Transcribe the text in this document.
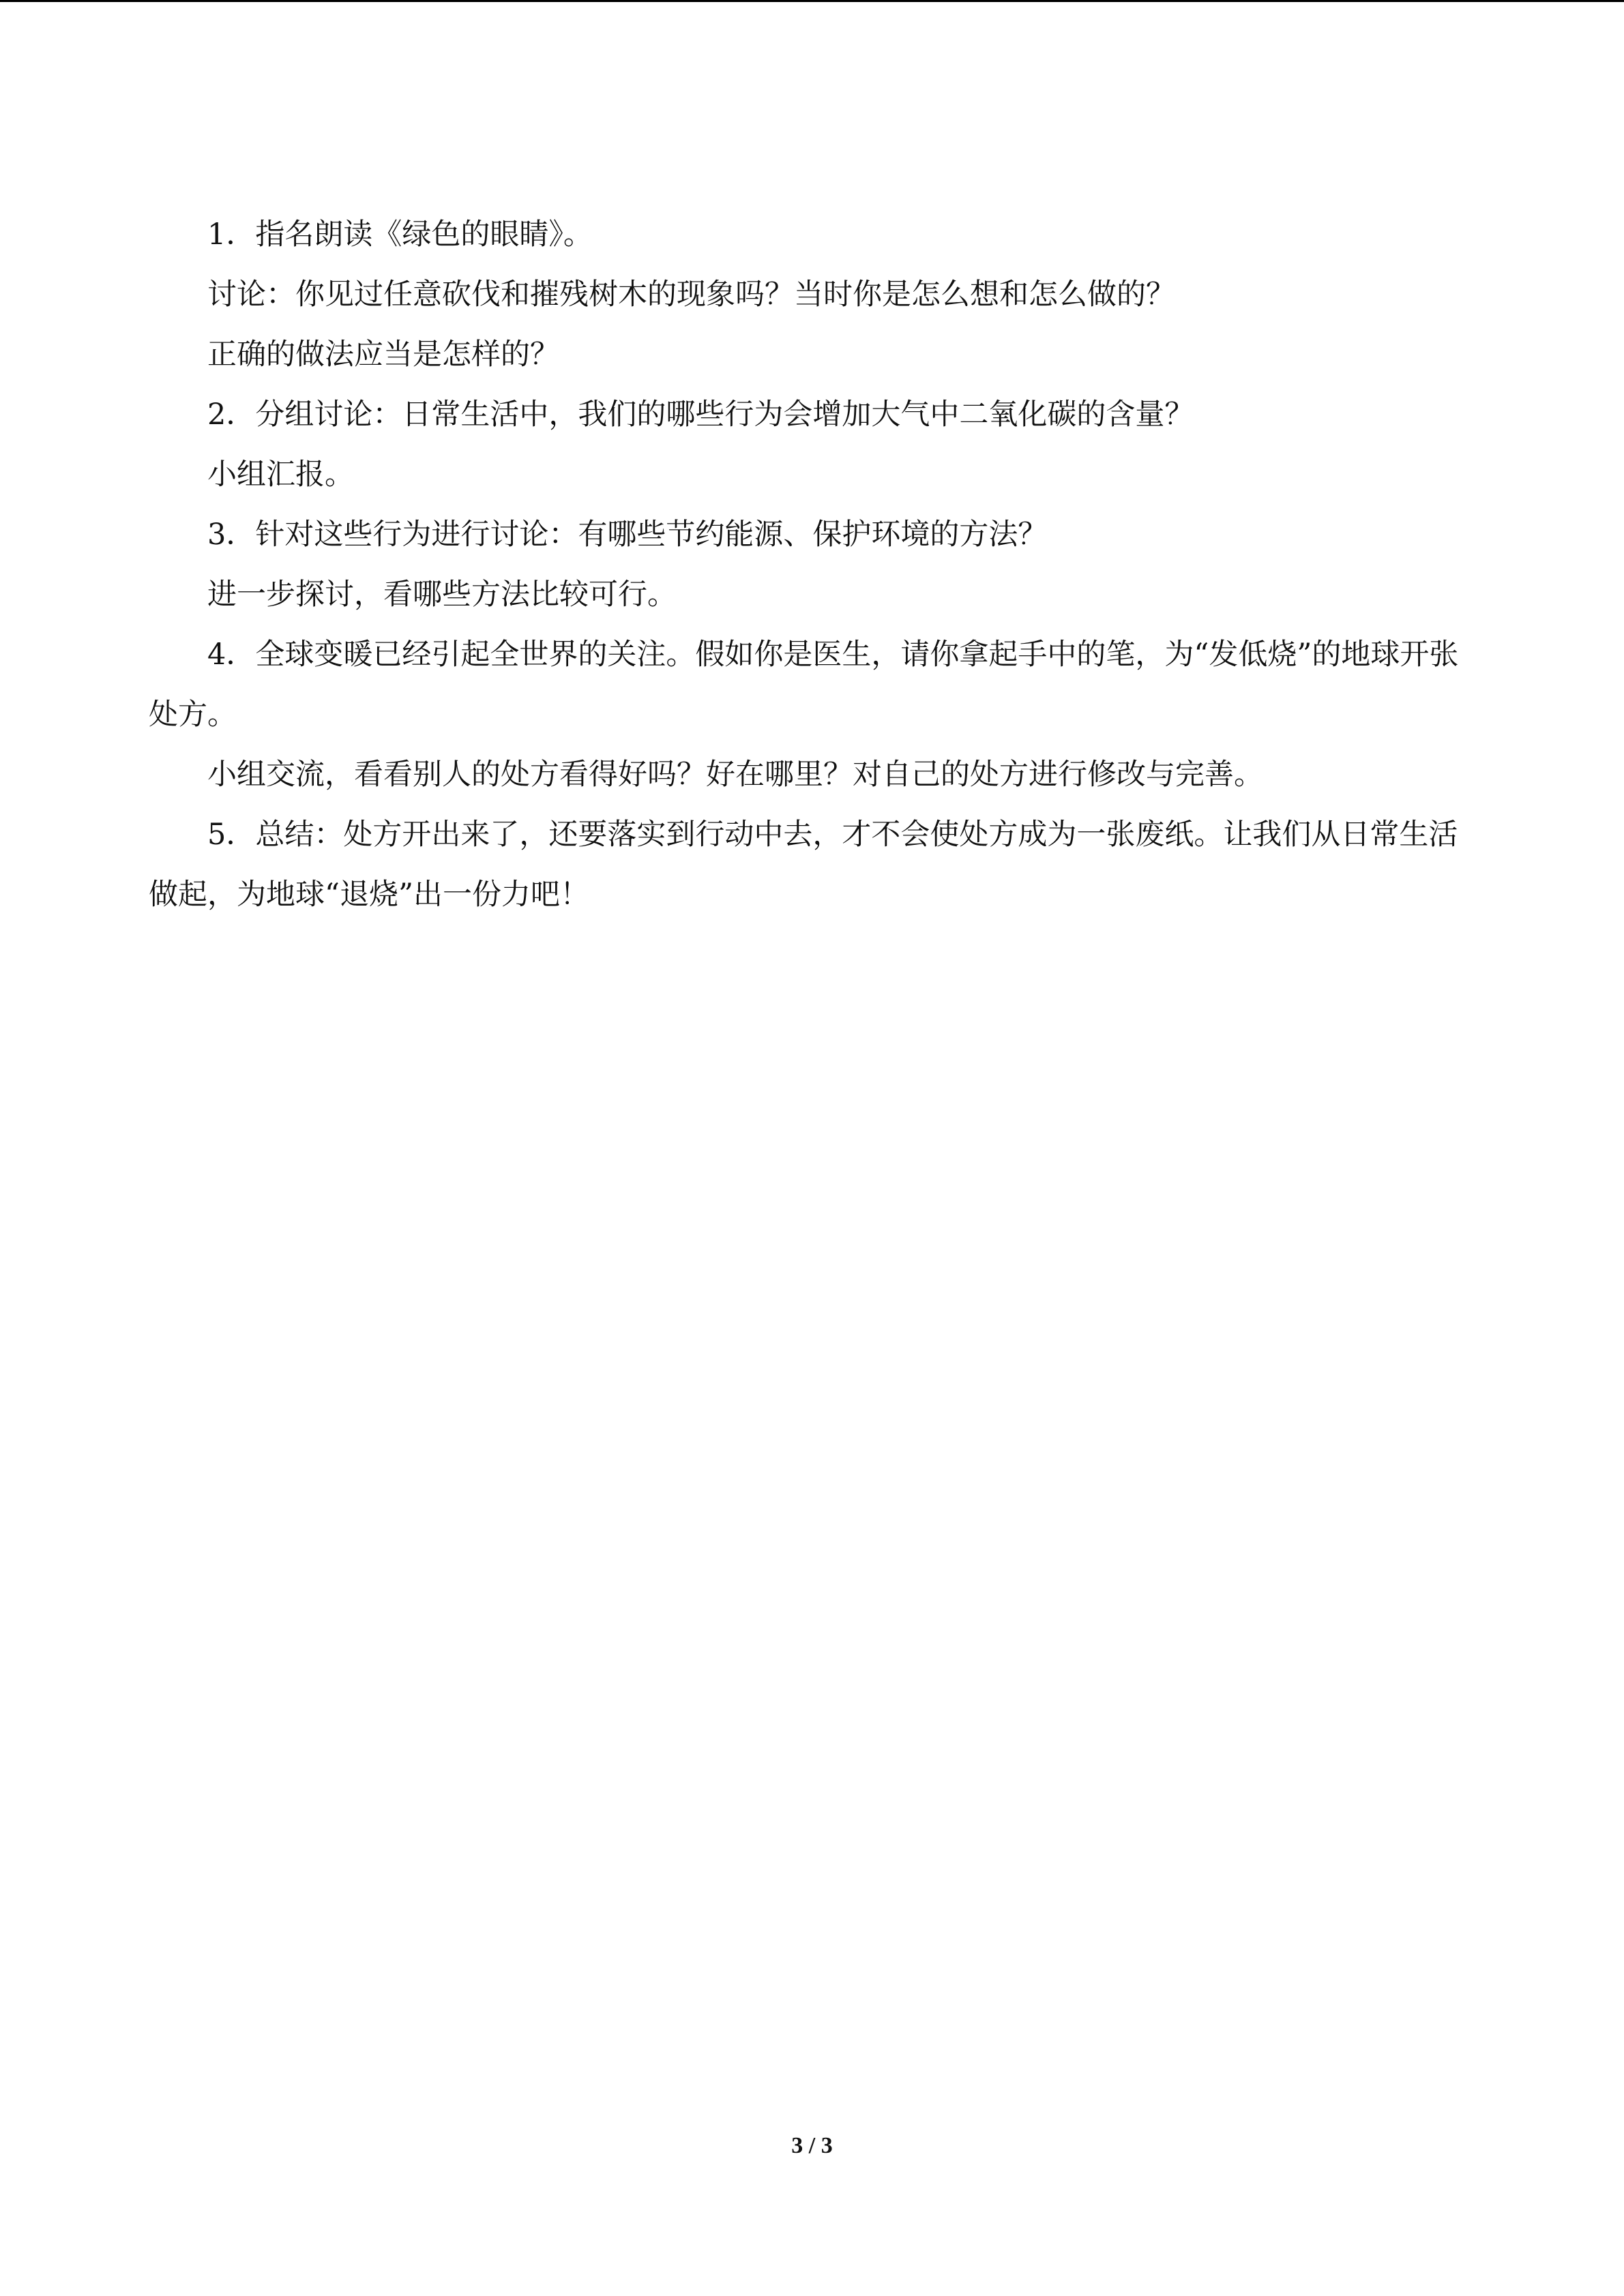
1．指名朗读《绿色的眼睛》。

讨论：你见过任意砍伐和摧残树木的现象吗？当时你是怎么想和怎么做的？

正确的做法应当是怎样的？

2．分组讨论：日常生活中，我们的哪些行为会增加大气中二氧化碳的含量？

小组汇报。

3．针对这些行为进行讨论：有哪些节约能源、保护环境的方法？

进一步探讨，看哪些方法比较可行。

4．全球变暖已经引起全世界的关注。假如你是医生，请你拿起手中的笔，为“发低烧”的地球开张处方。

小组交流，看看别人的处方看得好吗？好在哪里？对自己的处方进行修改与完善。

5．总结：处方开出来了，还要落实到行动中去，才不会使处方成为一张废纸。让我们从日常生活做起，为地球“退烧”出一份力吧！

3 / 3
